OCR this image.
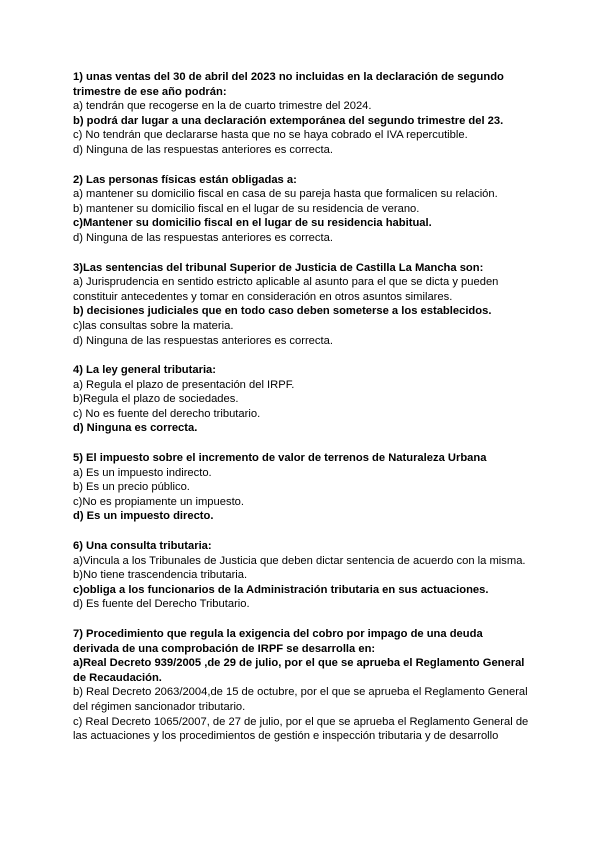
1) unas ventas del 30 de abril del 2023 no incluidas en la declaración de segundo trimestre de ese año podrán:

a) tendrán que recogerse en la de cuarto trimestre del 2024.

b) podrá dar lugar a una declaración extemporánea del segundo trimestre del 23.

c) No tendrán que declararse hasta que no se haya cobrado el IVA repercutible.

d) Ninguna de las respuestas anteriores es correcta.

2) Las personas físicas están obligadas a:

a) mantener su domicilio fiscal en casa de su pareja hasta que formalicen su relación.

b) mantener su domicilio fiscal en el lugar de su residencia de verano.

c)Mantener su domicilio fiscal en el lugar de su residencia habitual.

d) Ninguna de las respuestas anteriores es correcta.

3)Las sentencias del tribunal Superior de Justicia de Castilla La Mancha son:

a) Jurisprudencia en sentido estricto aplicable al asunto para el que se dicta y pueden constituir antecedentes y tomar en consideración en otros asuntos similares.

b) decisiones judiciales que en todo caso deben someterse a los establecidos.

c)las consultas sobre la materia.

d) Ninguna de las respuestas anteriores es correcta.

4) La ley general tributaria:

a) Regula el plazo de presentación del IRPF.

b)Regula el plazo de sociedades.

c) No es fuente del derecho tributario.

d) Ninguna es correcta.

5) El impuesto sobre el incremento de valor de terrenos de Naturaleza Urbana

a) Es un impuesto indirecto.

b) Es un precio público.

c)No es propiamente un impuesto.

d) Es un impuesto directo.

6) Una consulta tributaria:

a)Vincula a los Tribunales de Justicia que deben dictar sentencia de acuerdo con la misma.

b)No tiene trascendencia tributaria.

c)obliga a los funcionarios de la Administración tributaria en sus actuaciones.

d) Es fuente del Derecho Tributario.

7) Procedimiento que regula la exigencia del cobro por impago de una deuda derivada de una comprobación de IRPF se desarrolla en:

a)Real Decreto 939/2005 ,de 29 de julio, por el que se aprueba el Reglamento General de Recaudación.

b) Real Decreto 2063/2004,de 15 de octubre, por el que se aprueba el Reglamento General del régimen sancionador tributario.

c) Real Decreto 1065/2007, de 27 de julio, por el que se aprueba el Reglamento General de las actuaciones y los procedimientos de gestión e inspección tributaria y de desarrollo
